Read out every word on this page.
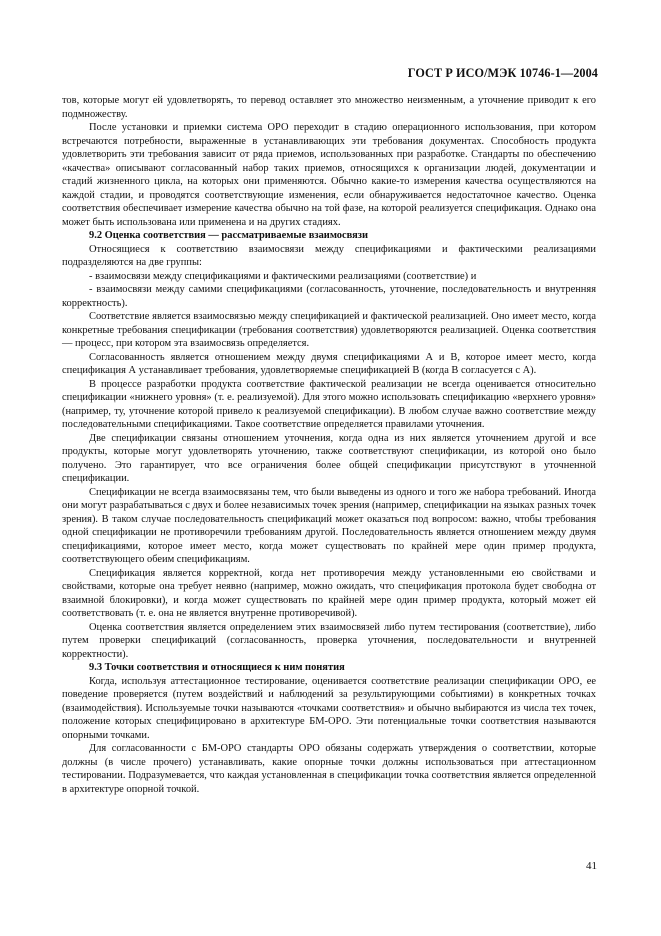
ГОСТ Р ИСО/МЭК 10746-1—2004

тов, которые могут ей удовлетворять, то перевод оставляет это множество неизменным, а уточнение приводит к его подмножеству.

После установки и приемки система ОРО переходит в стадию операционного использования, при котором встречаются потребности, выраженные в устанавливающих эти требования документах. Способность продукта удовлетворить эти требования зависит от ряда приемов, использованных при разработке. Стандарты по обеспечению «качества» описывают согласованный набор таких приемов, относящихся к организации людей, документации и стадий жизненного цикла, на которых они применяются. Обычно какие-то измерения качества осуществляются на каждой стадии, и проводятся соответствующие изменения, если обнаруживается недостаточное качество. Оценка соответствия обеспечивает измерение качества обычно на той фазе, на которой реализуется спецификация. Однако она может быть использована или применена и на других стадиях.

9.2 Оценка соответствия — рассматриваемые взаимосвязи

Относящиеся к соответствию взаимосвязи между спецификациями и фактическими реализациями подразделяются на две группы:

- взаимосвязи между спецификациями и фактическими реализациями (соответствие) и

- взаимосвязи между самими спецификациями (согласованность, уточнение, последовательность и внутренняя корректность).

Соответствие является взаимосвязью между спецификацией и фактической реализацией. Оно имеет место, когда конкретные требования спецификации (требования соответствия) удовлетворяются реализацией. Оценка соответствия — процесс, при котором эта взаимосвязь определяется.

Согласованность является отношением между двумя спецификациями А и В, которое имеет место, когда спецификация А устанавливает требования, удовлетворяемые спецификацией В (когда В согласуется с А).

В процессе разработки продукта соответствие фактической реализации не всегда оценивается относительно спецификации «нижнего уровня» (т. е. реализуемой). Для этого можно использовать спецификацию «верхнего уровня» (например, ту, уточнение которой привело к реализуемой спецификации). В любом случае важно соответствие между последовательными спецификациями. Такое соответствие определяется правилами уточнения.

Две спецификации связаны отношением уточнения, когда одна из них является уточнением другой и все продукты, которые могут удовлетворять уточнению, также соответствуют спецификации, из которой оно было получено. Это гарантирует, что все ограничения более общей спецификации присутствуют в уточненной спецификации.

Спецификации не всегда взаимосвязаны тем, что были выведены из одного и того же набора требований. Иногда они могут разрабатываться с двух и более независимых точек зрения (например, спецификации на языках разных точек зрения). В таком случае последовательность спецификаций может оказаться под вопросом: важно, чтобы требования одной спецификации не противоречили требованиям другой. Последовательность является отношением между двумя спецификациями, которое имеет место, когда может существовать по крайней мере один пример продукта, соответствующего обеим спецификациям.

Спецификация является корректной, когда нет противоречия между установленными ею свойствами и свойствами, которые она требует неявно (например, можно ожидать, что спецификация протокола будет свободна от взаимной блокировки), и когда может существовать по крайней мере один пример продукта, который может ей соответствовать (т. е. она не является внутренне противоречивой).

Оценка соответствия является определением этих взаимосвязей либо путем тестирования (соответствие), либо путем проверки спецификаций (согласованность, проверка уточнения, последовательности и внутренней корректности).

9.3 Точки соответствия и относящиеся к ним понятия

Когда, используя аттестационное тестирование, оценивается соответствие реализации спецификации ОРО, ее поведение проверяется (путем воздействий и наблюдений за результирующими событиями) в конкретных точках (взаимодействия). Используемые точки называются «точками соответствия» и обычно выбираются из числа тех точек, положение которых специфицировано в архитектуре БМ-ОРО. Эти потенциальные точки соответствия называются опорными точками.

Для согласованности с БМ-ОРО стандарты ОРО обязаны содержать утверждения о соответствии, которые должны (в числе прочего) устанавливать, какие опорные точки должны использоваться при аттестационном тестировании. Подразумевается, что каждая установленная в спецификации точка соответствия является определенной в архитектуре опорной точкой.

41
